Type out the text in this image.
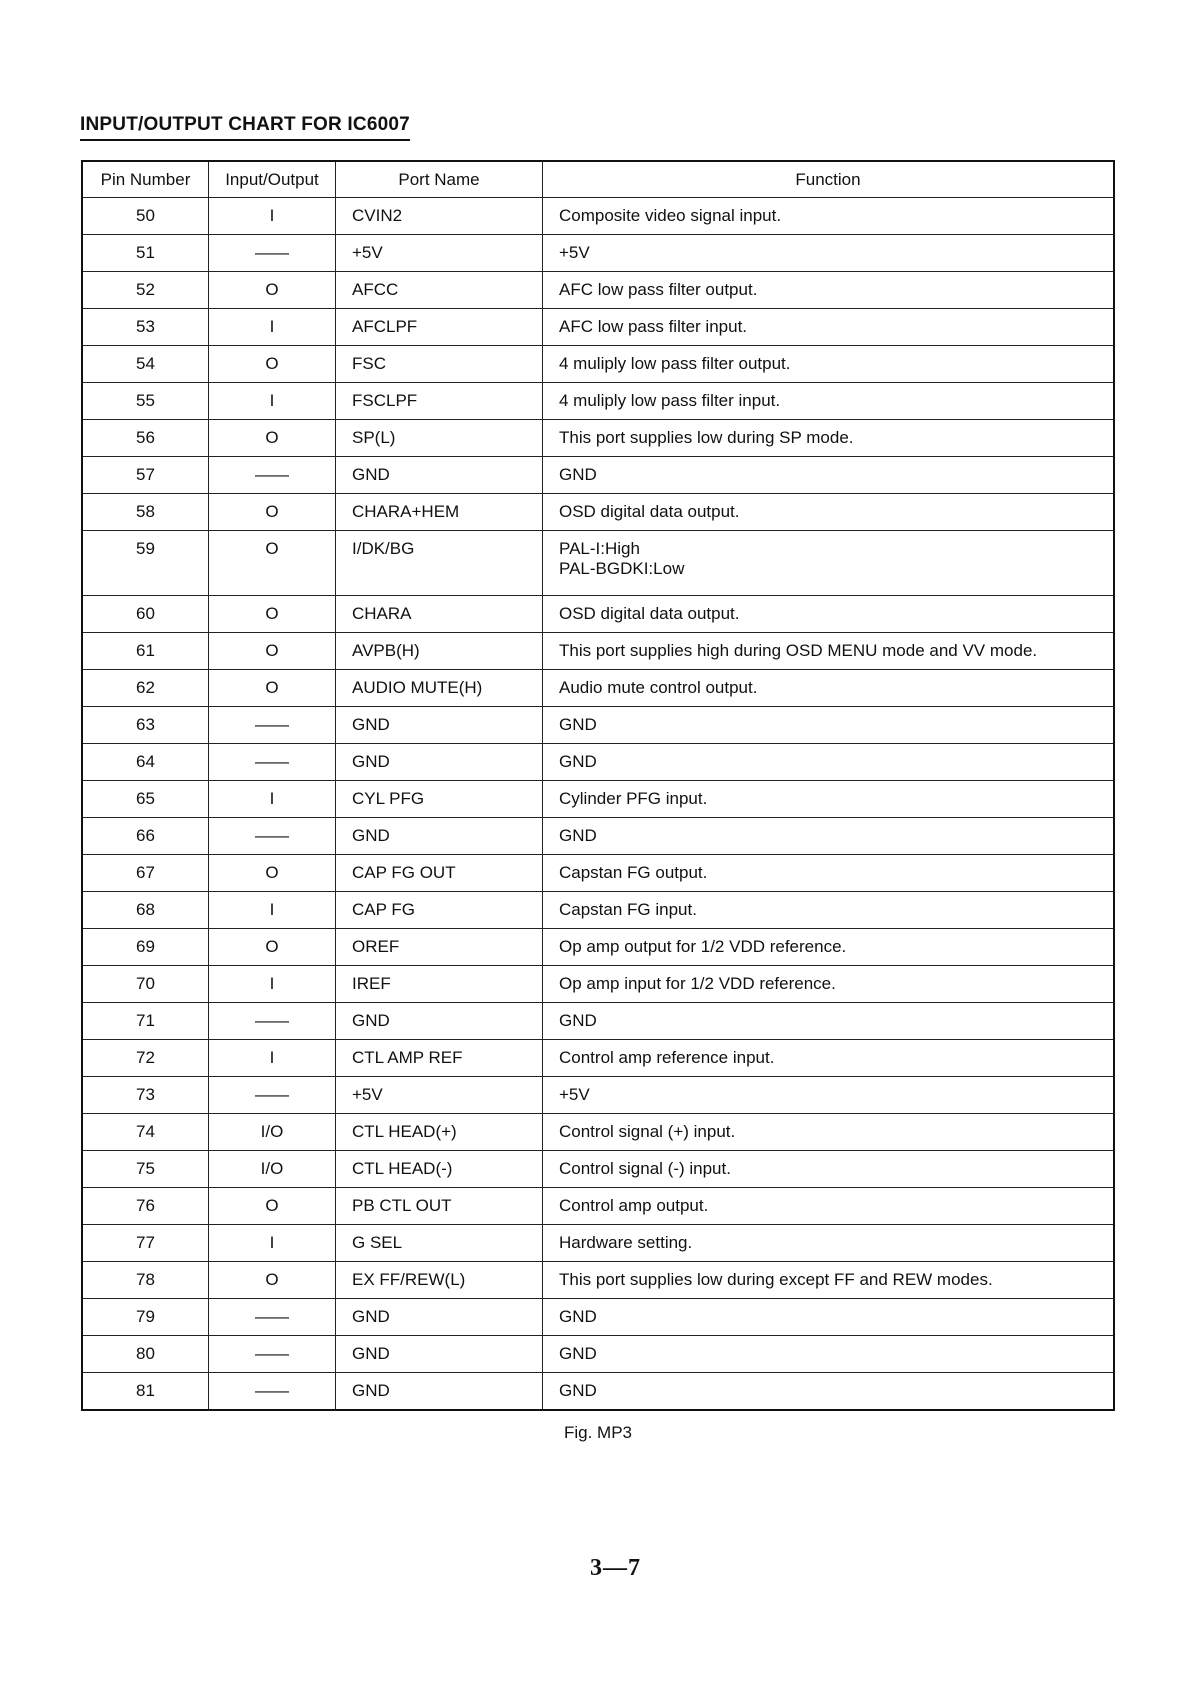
INPUT/OUTPUT CHART FOR IC6007
Pin Number	Input/Output	Port Name	Function
50	I	CVIN2	Composite video signal input.
51	——	+5V	+5V
52	O	AFCC	AFC low pass filter output.
53	I	AFCLPF	AFC low pass filter input.
54	O	FSC	4 muliply low pass filter output.
55	I	FSCLPF	4 muliply low pass filter input.
56	O	SP(L)	This port supplies low during SP mode.
57	——	GND	GND
58	O	CHARA+HEM	OSD digital data output.
59	O	I/DK/BG	PAL-I:High
PAL-BGDKI:Low

60	O	CHARA	OSD digital data output.
61	O	AVPB(H)	This port supplies high during OSD MENU mode and VV mode.
62	O	AUDIO MUTE(H)	Audio mute control output.
63	——	GND	GND
64	——	GND	GND
65	I	CYL PFG	Cylinder PFG input.
66	——	GND	GND
67	O	CAP FG OUT	Capstan FG output.
68	I	CAP FG	Capstan FG input.
69	O	OREF	Op amp output for 1/2 VDD reference.
70	I	IREF	Op amp input for 1/2 VDD reference.
71	——	GND	GND
72	I	CTL AMP REF	Control amp reference input.
73	——	+5V	+5V
74	I/O	CTL HEAD(+)	Control signal (+) input.
75	I/O	CTL HEAD(-)	Control signal (-) input.
76	O	PB CTL OUT	Control amp output.
77	I	G SEL	Hardware setting.
78	O	EX FF/REW(L)	This port supplies low during except FF and REW modes.
79	——	GND	GND
80	——	GND	GND
81	——	GND	GND
Fig. MP3
3—7
